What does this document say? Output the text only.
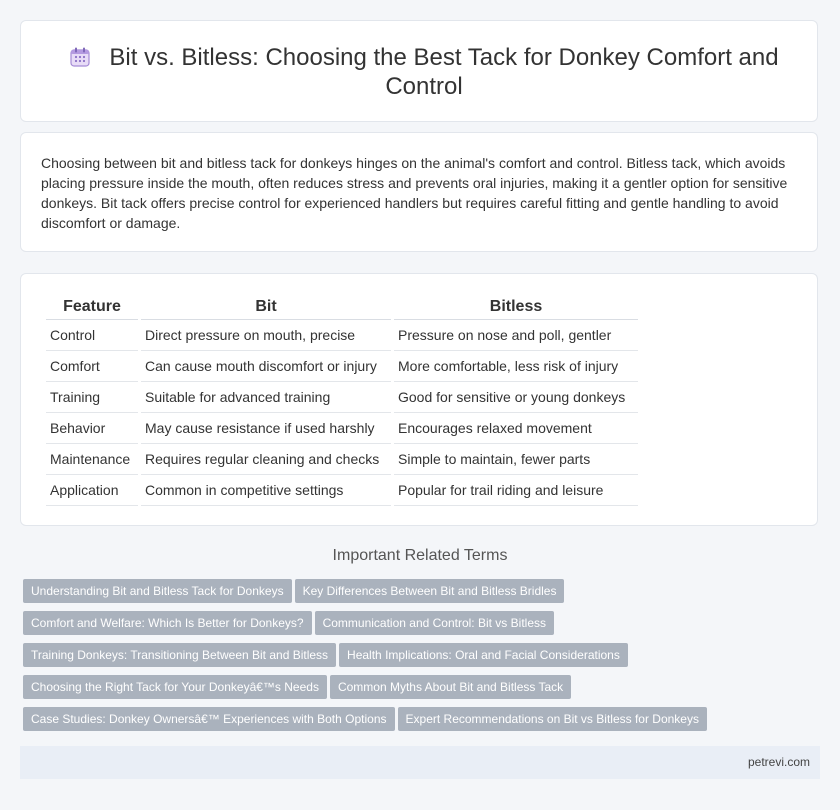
Bit vs. Bitless: Choosing the Best Tack for Donkey Comfort and Control
Choosing between bit and bitless tack for donkeys hinges on the animal's comfort and control. Bitless tack, which avoids placing pressure inside the mouth, often reduces stress and prevents oral injuries, making it a gentler option for sensitive donkeys. Bit tack offers precise control for experienced handlers but requires careful fitting and gentle handling to avoid discomfort or damage.
Feature	Bit	Bitless
Control	Direct pressure on mouth, precise	Pressure on nose and poll, gentler
Comfort	Can cause mouth discomfort or injury	More comfortable, less risk of injury
Training	Suitable for advanced training	Good for sensitive or young donkeys
Behavior	May cause resistance if used harshly	Encourages relaxed movement
Maintenance	Requires regular cleaning and checks	Simple to maintain, fewer parts
Application	Common in competitive settings	Popular for trail riding and leisure
Important Related Terms
Understanding Bit and Bitless Tack for Donkeys Key Differences Between Bit and Bitless Bridles
Comfort and Welfare: Which Is Better for Donkeys? Communication and Control: Bit vs Bitless
Training Donkeys: Transitioning Between Bit and Bitless Health Implications: Oral and Facial Considerations
Choosing the Right Tack for Your Donkeyâ€™s Needs Common Myths About Bit and Bitless Tack
Case Studies: Donkey Ownersâ€™ Experiences with Both Options Expert Recommendations on Bit vs Bitless for Donkeys
petrevi.com
